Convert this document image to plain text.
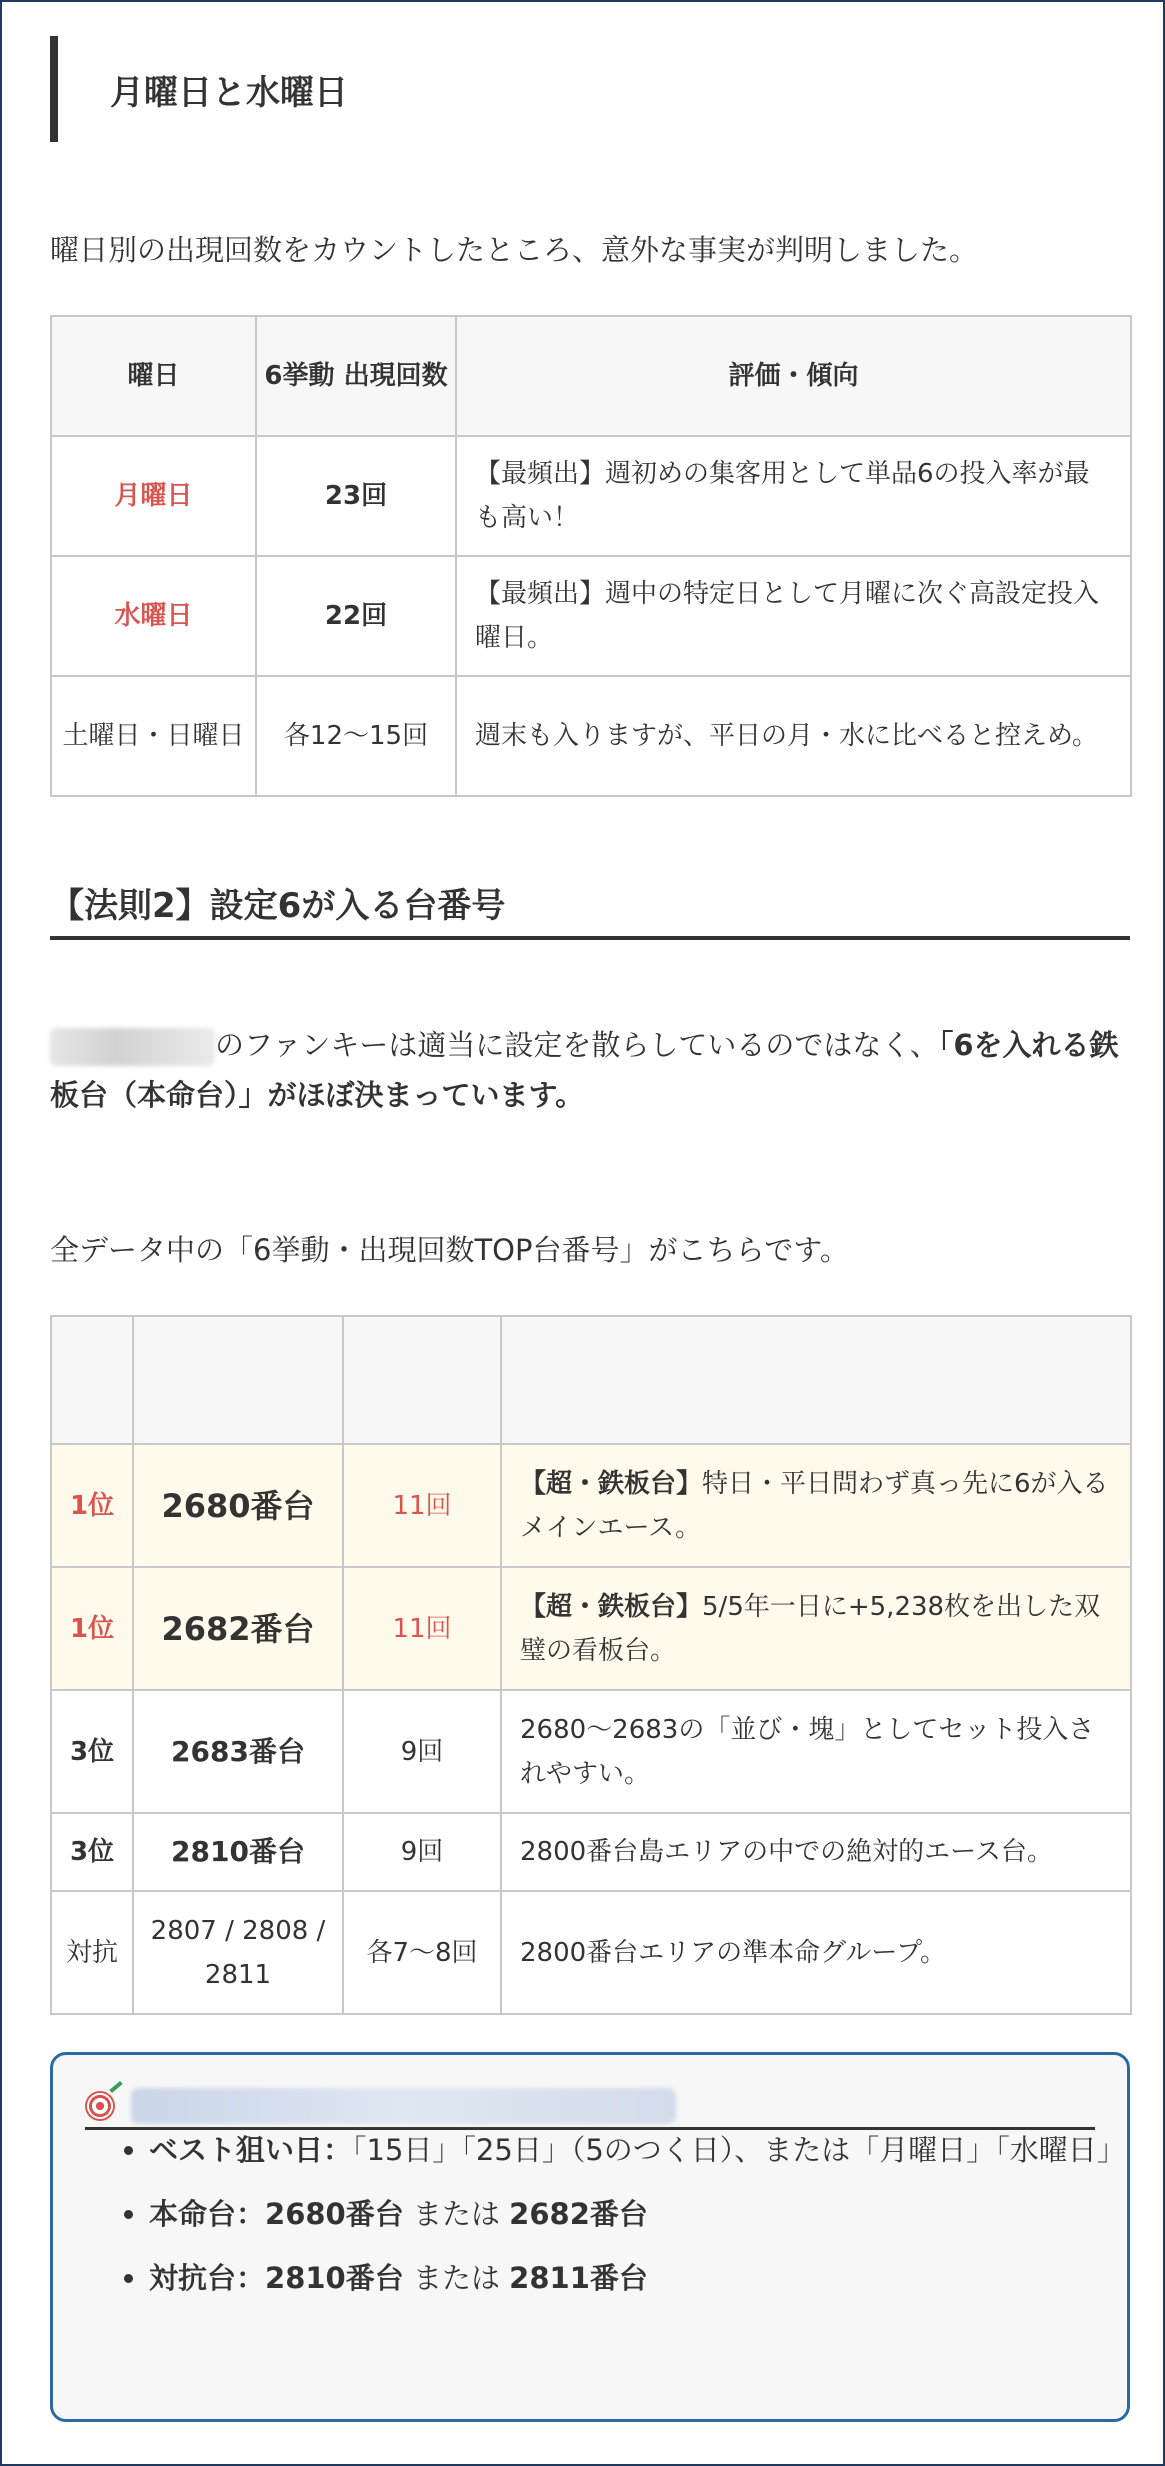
月曜日と水曜日
曜日別の出現回数をカウントしたところ、意外な事実が判明しました。
曜日	6挙動 出現回数	評価・傾向
月曜日	23回	【最頻出】週初めの集客用として単品6の投入率が最も高い！
水曜日	22回	【最頻出】週中の特定日として月曜に次ぐ高設定投入曜日。
土曜日・日曜日	各12〜15回	週末も入りますが、平日の月・水に比べると控えめ。
【法則2】設定6が入る台番号
のファンキーは適当に設定を散らしているのではなく、「6を入れる鉄板台（本命台）」がほぼ決まっています。
全データ中の「6挙動・出現回数TOP台番号」がこちらです。
順位	台番号	6挙動出現数	特徴・狙い目
1位	2680番台	11回	【超・鉄板台】特日・平日問わず真っ先に6が入るメインエース。
1位	2682番台	11回	【超・鉄板台】5/5年一日に+5,238枚を出した双璧の看板台。
3位	2683番台	9回	2680〜2683の「並び・塊」としてセット投入されやすい。
3位	2810番台	9回	2800番台島エリアの中での絶対的エース台。
対抗	2807 / 2808 / 2811	各7〜8回	2800番台エリアの準本命グループ。
• ベスト狙い日：「15日」「25日」（5のつく日）、または「月曜日」「水曜日」
• 本命台：2680番台 または 2682番台
• 対抗台：2810番台 または 2811番台
